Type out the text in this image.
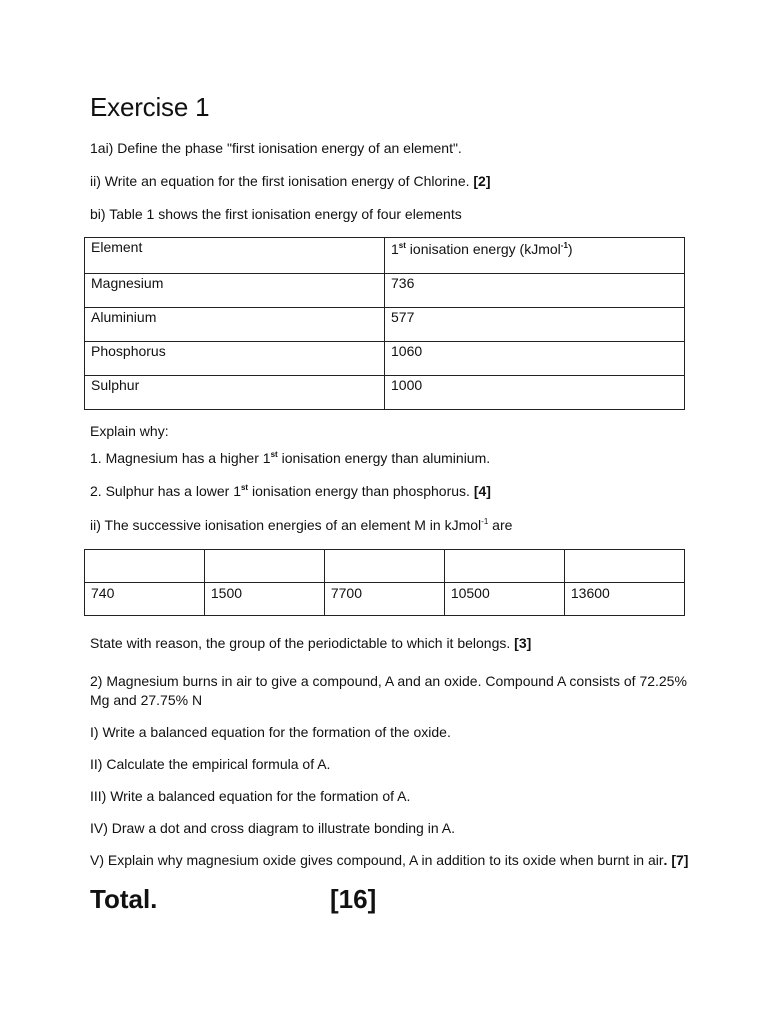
Exercise 1
1ai) Define the phase "first ionisation energy of an element".
ii) Write an equation for the first ionisation energy of Chlorine. [2]
bi) Table 1 shows the first ionisation energy of four elements
Element	1st ionisation energy (kJmol$^{-1}$)
Magnesium	736
Aluminium	577
Phosphorus	1060
Sulphur	1000
Explain why:
1. Magnesium has a higher 1st ionisation energy than aluminium.
2. Sulphur has a lower 1st ionisation energy than phosphorus. [4]
ii) The successive ionisation energies of an element M in kJmol$^{-1}$ are

740	1500	7700	10500	13600
State with reason, the group of the periodictable to which it belongs. [3]
2) Magnesium burns in air to give a compound, A and an oxide. Compound A consists of 72.25% Mg and 27.75% N
I) Write a balanced equation for the formation of the oxide.
II) Calculate the empirical formula of A.
III) Write a balanced equation for the formation of A.
IV) Draw a dot and cross diagram to illustrate bonding in A.
V) Explain why magnesium oxide gives compound, A in addition to its oxide when burnt in air. [7]
Total.	[16]
